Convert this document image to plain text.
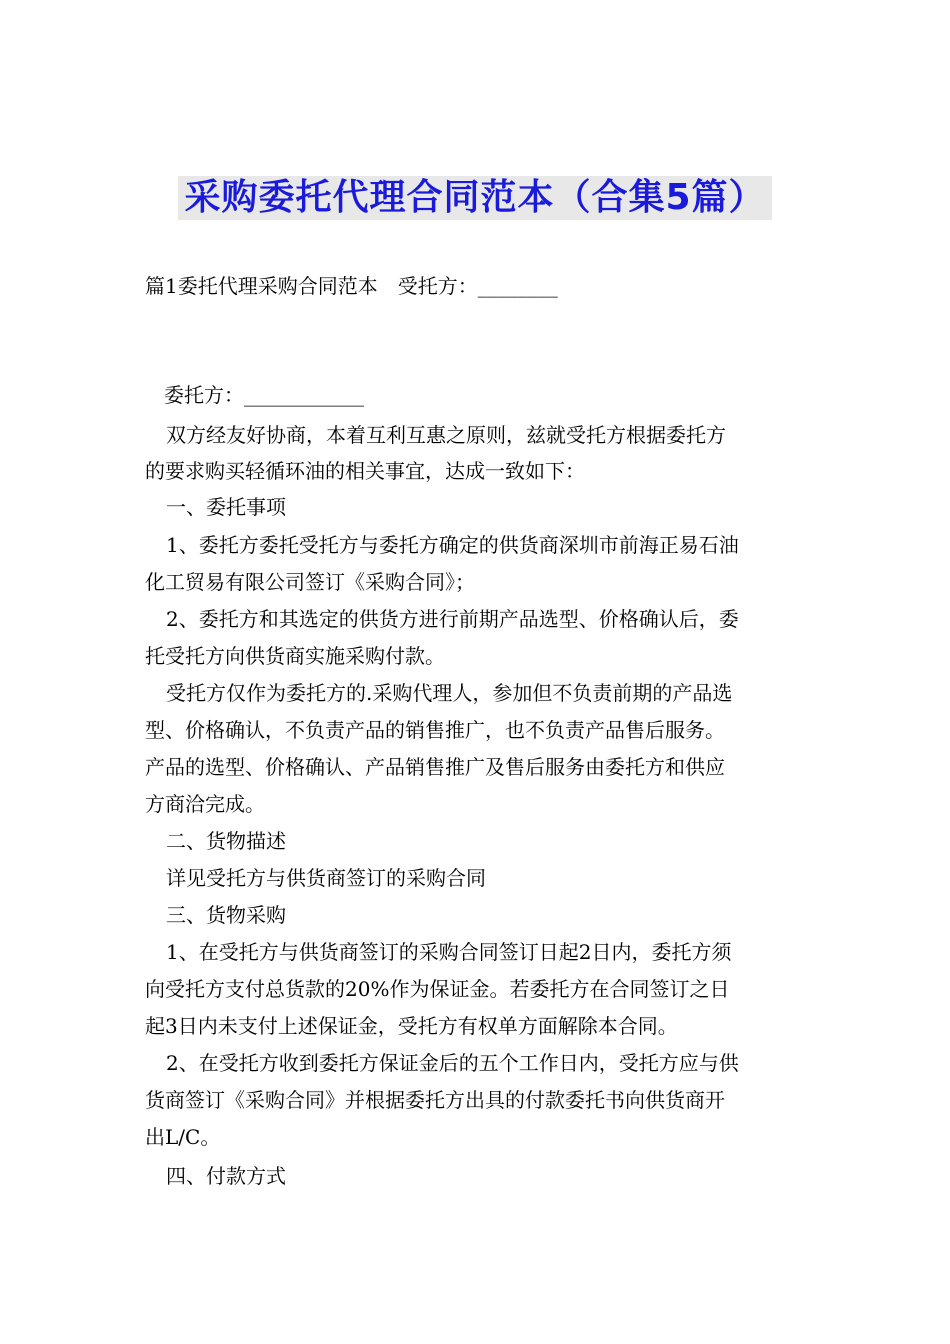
采购委托代理合同范本（合集5篇）
篇1委托代理采购合同范本　受托方：________
委托方：____________
双方经友好协商，本着互利互惠之原则，兹就受托方根据委托方
的要求购买轻循环油的相关事宜，达成一致如下：
一、委托事项
1、委托方委托受托方与委托方确定的供货商深圳市前海正易石油
化工贸易有限公司签订《采购合同》；
2、委托方和其选定的供货方进行前期产品选型、价格确认后，委
托受托方向供货商实施采购付款。
受托方仅作为委托方的.采购代理人，参加但不负责前期的产品选
型、价格确认，不负责产品的销售推广，也不负责产品售后服务。
产品的选型、价格确认、产品销售推广及售后服务由委托方和供应
方商洽完成。
二、货物描述
详见受托方与供货商签订的采购合同
三、货物采购
1、在受托方与供货商签订的采购合同签订日起2日内，委托方须
向受托方支付总货款的20%作为保证金。若委托方在合同签订之日
起3日内未支付上述保证金，受托方有权单方面解除本合同。
2、在受托方收到委托方保证金后的五个工作日内，受托方应与供
货商签订《采购合同》并根据委托方出具的付款委托书向供货商开
出L/C。
四、付款方式
